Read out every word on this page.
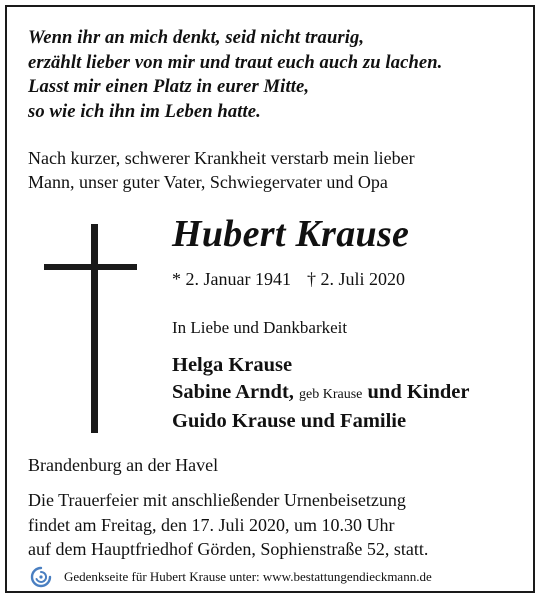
Wenn ihr an mich denkt, seid nicht traurig,
erzählt lieber von mir und traut euch auch zu lachen.
Lasst mir einen Platz in eurer Mitte,
so wie ich ihn im Leben hatte.
Nach kurzer, schwerer Krankheit verstarb mein lieber
Mann, unser guter Vater, Schwiegervater und Opa
Hubert Krause
* 2. Januar 1941 † 2. Juli 2020
In Liebe und Dankbarkeit
Helga Krause
Sabine Arndt, geb Krause und Kinder
Guido Krause und Familie
Brandenburg an der Havel
Die Trauerfeier mit anschließender Urnenbeisetzung
findet am Freitag, den 17. Juli 2020, um 10.30 Uhr
auf dem Hauptfriedhof Görden, Sophienstraße 52, statt.
Gedenkseite für Hubert Krause unter: www.bestattungendieckmann.de
